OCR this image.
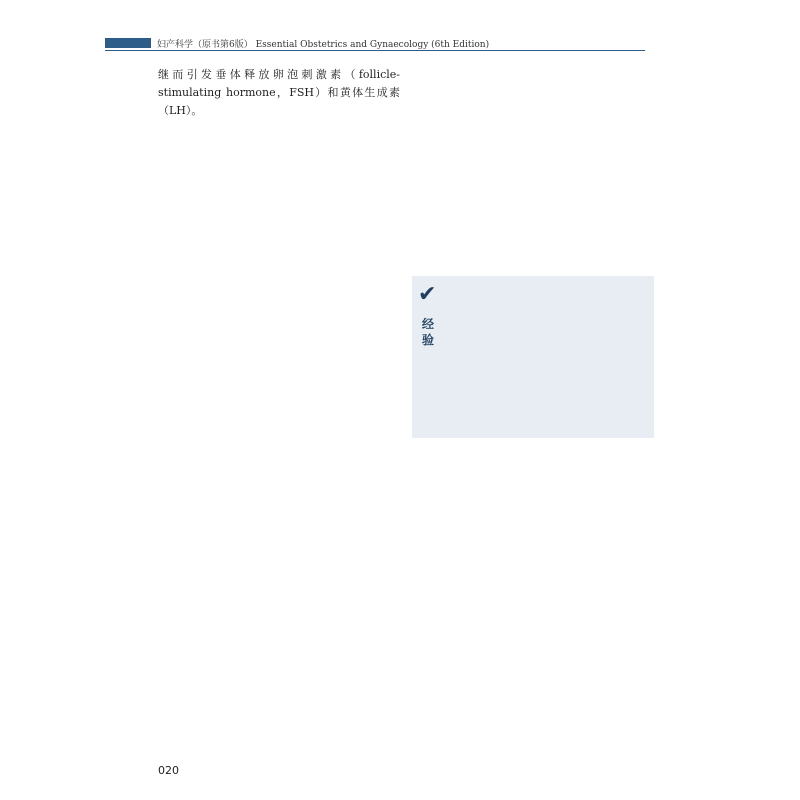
妇产科学（原书第6版） Essential Obstetrics and Gynaecology (6th Edition)

继而引发垂体释放卵泡刺激素（follicle-stimulating hormone，FSH）和黄体生成素（LH）。

✔
经验

020
